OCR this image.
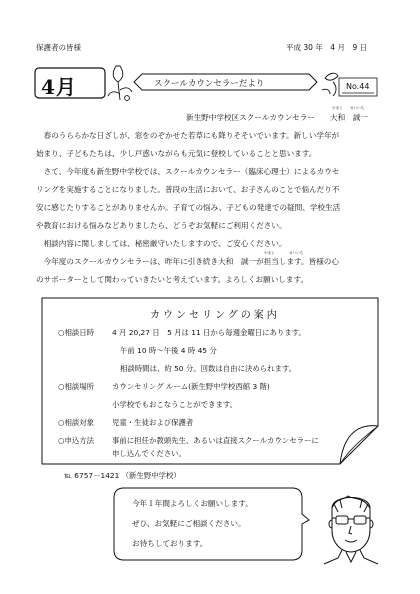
保護者の皆様	平成 30 年　4 月　9 日
4月	スクールカウンセラーだより	No.44
新生野中学校区スクールカウンセラー 大和　誠一
やまと せいいち
　春のうららかな日ざしが、窓をのぞかせた若草にも降りそそいでいます。新しい学年が
始まり、子どもたちは、少し戸惑いながらも元気に登校していることと思います。
　さて、今年度も新生野中学校では、スクールカウンセラー（臨床心理士）によるカウセ
リングを実施することになりました。普段の生活において、お子さんのことで悩んだり不
安に感じたりすることがありませんか。子育ての悩み、子どもの発達での疑問、学校生活
や教育における悩みなどありましたら、どうぞお気軽にご利用ください。
　相談内容に関しましては、秘密厳守いたしますので、ご安心ください。
やまと	せいいち
　今年度のスクールカウンセラーは、昨年に引き続き大和　誠一が担当します。皆様の心
のサポーターとして関わっていきたいと考えています。よろしくお願いします。
カウンセリングの案内
○相談日時 4 月 20,27 日　5 月は 11 日から毎週金曜日にあります。
午前 10 時〜午後 4 時 45 分
相談時間は、約 50 分。回数は自由に決められます。
○相談場所 カウンセリング ルーム(新生野中学校西館 3 階)
小学校でもおこなうことができます。
○相談対象 児童・生徒および保護者
○申込方法 事前に担任か教頭先生、あるいは直接スクールカウンセラーに
申し込んでください。
℡ 6757－1421 （新生野中学校）
今年１年間よろしくお願いします。
ぜひ、お気軽にご相談ください。
お待ちしております。
